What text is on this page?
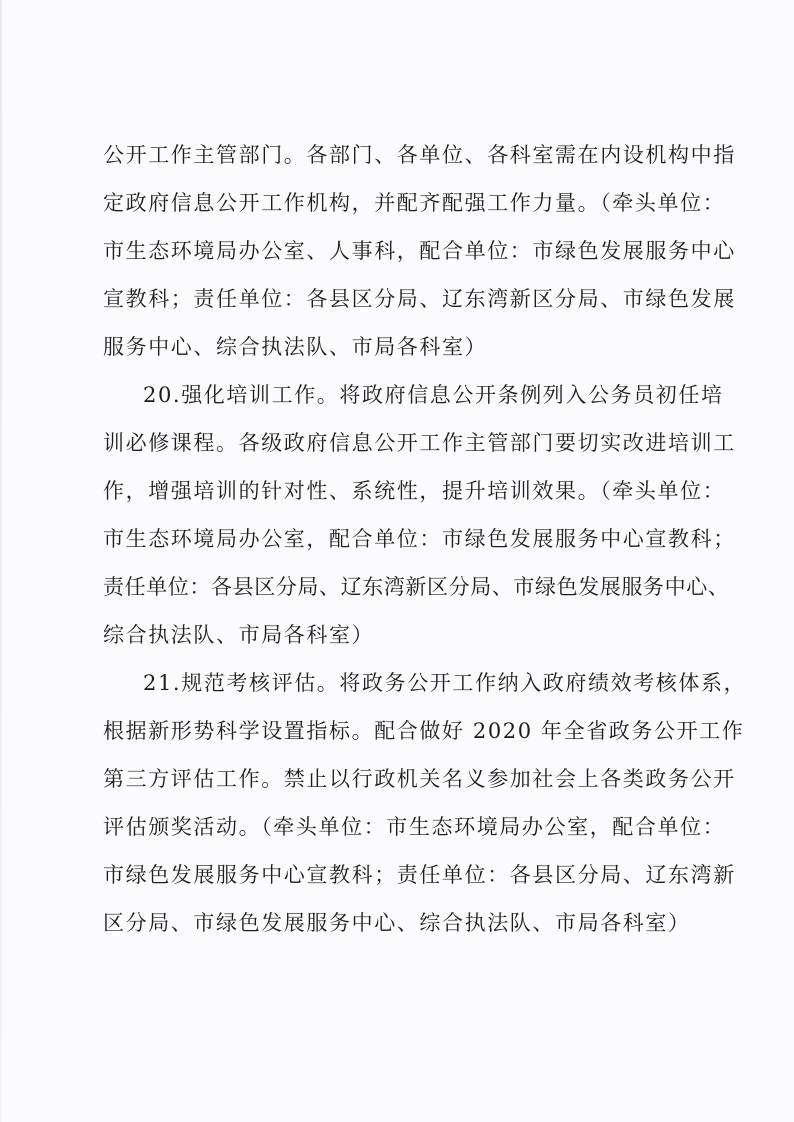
公开工作主管部门。各部门、各单位、各科室需在内设机构中指
定政府信息公开工作机构，并配齐配强工作力量。（牵头单位：
市生态环境局办公室、人事科，配合单位：市绿色发展服务中心
宣教科；责任单位：各县区分局、辽东湾新区分局、市绿色发展
服务中心、综合执法队、市局各科室）
20.强化培训工作。将政府信息公开条例列入公务员初任培
训必修课程。各级政府信息公开工作主管部门要切实改进培训工
作，增强培训的针对性、系统性，提升培训效果。（牵头单位：
市生态环境局办公室，配合单位：市绿色发展服务中心宣教科；
责任单位：各县区分局、辽东湾新区分局、市绿色发展服务中心、
综合执法队、市局各科室）
21.规范考核评估。将政务公开工作纳入政府绩效考核体系，
根据新形势科学设置指标。配合做好 2020 年全省政务公开工作
第三方评估工作。禁止以行政机关名义参加社会上各类政务公开
评估颁奖活动。（牵头单位：市生态环境局办公室，配合单位：
市绿色发展服务中心宣教科；责任单位：各县区分局、辽东湾新
区分局、市绿色发展服务中心、综合执法队、市局各科室）
